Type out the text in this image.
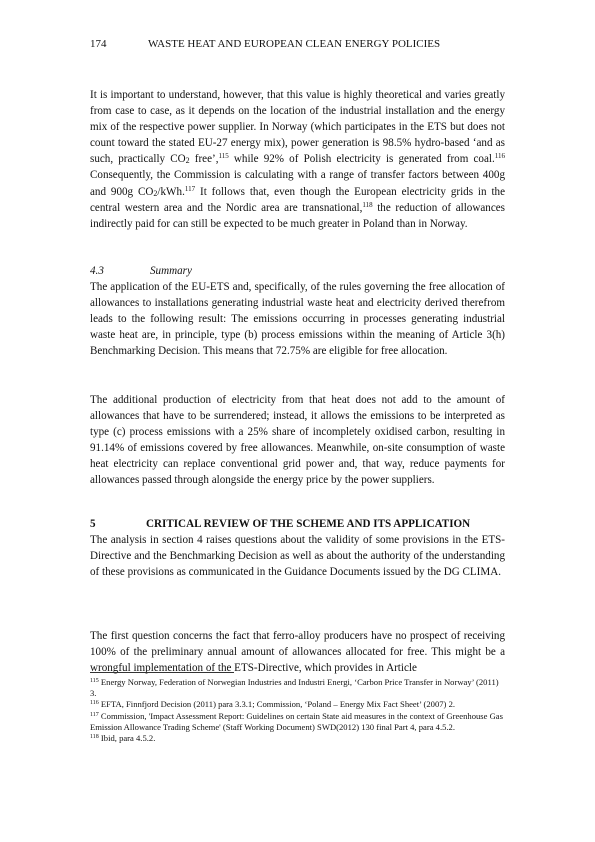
174	WASTE HEAT AND EUROPEAN CLEAN ENERGY POLICIES

It is important to understand, however, that this value is highly theoretical and varies greatly from case to case, as it depends on the location of the industrial installation and the energy mix of the respective power supplier. In Norway (which participates in the ETS but does not count toward the stated EU-27 energy mix), power generation is 98.5% hydro-based ‘and as such, practically $CO_2$ free’,$^{115}$ while 92% of Polish electricity is generated from coal.$^{116}$ Consequently, the Commission is calculating with a range of transfer factors between 400g and 900g $CO_2/kWh.^{117}$ It follows that, even though the European electricity grids in the central western area and the Nordic area are transnational,$^{118}$ the reduction of allowances indirectly paid for can still be expected to be much greater in Poland than in Norway.

4.3	Summary

The application of the EU-ETS and, specifically, of the rules governing the free allocation of allowances to installations generating industrial waste heat and electricity derived therefrom leads to the following result: The emissions occurring in processes generating industrial waste heat are, in principle, type (b) process emissions within the meaning of Article 3(h) Benchmarking Decision. This means that 72.75% are eligible for free allocation.

The additional production of electricity from that heat does not add to the amount of allowances that have to be surrendered; instead, it allows the emissions to be interpreted as type (c) process emissions with a 25% share of incompletely oxidised carbon, resulting in 91.14% of emissions covered by free allowances. Meanwhile, on-site consumption of waste heat electricity can replace conventional grid power and, that way, reduce payments for allowances passed through alongside the energy price by the power suppliers.

5	CRITICAL REVIEW OF THE SCHEME AND ITS APPLICATION

The analysis in section 4 raises questions about the validity of some provisions in the ETS-Directive and the Benchmarking Decision as well as about the authority of the understanding of these provisions as communicated in the Guidance Documents issued by the DG CLIMA.

The first question concerns the fact that ferro-alloy producers have no prospect of receiving 100% of the preliminary annual amount of allowances allocated for free. This might be a wrongful implementation of the ETS-Directive, which provides in Article

$^{115}$ Energy Norway, Federation of Norwegian Industries and Industri Energi, ‘Carbon Price Transfer in Norway’ (2011) 3.

$^{116}$ EFTA, Finnfjord Decision (2011) para 3.3.1; Commission, ‘Poland – Energy Mix Fact Sheet’ (2007) 2.

$^{117}$ Commission, 'Impact Assessment Report: Guidelines on certain State aid measures in the context of Greenhouse Gas Emission Allowance Trading Scheme' (Staff Working Document) SWD(2012) 130 final Part 4, para 4.5.2.

$^{118}$ Ibid, para 4.5.2.
